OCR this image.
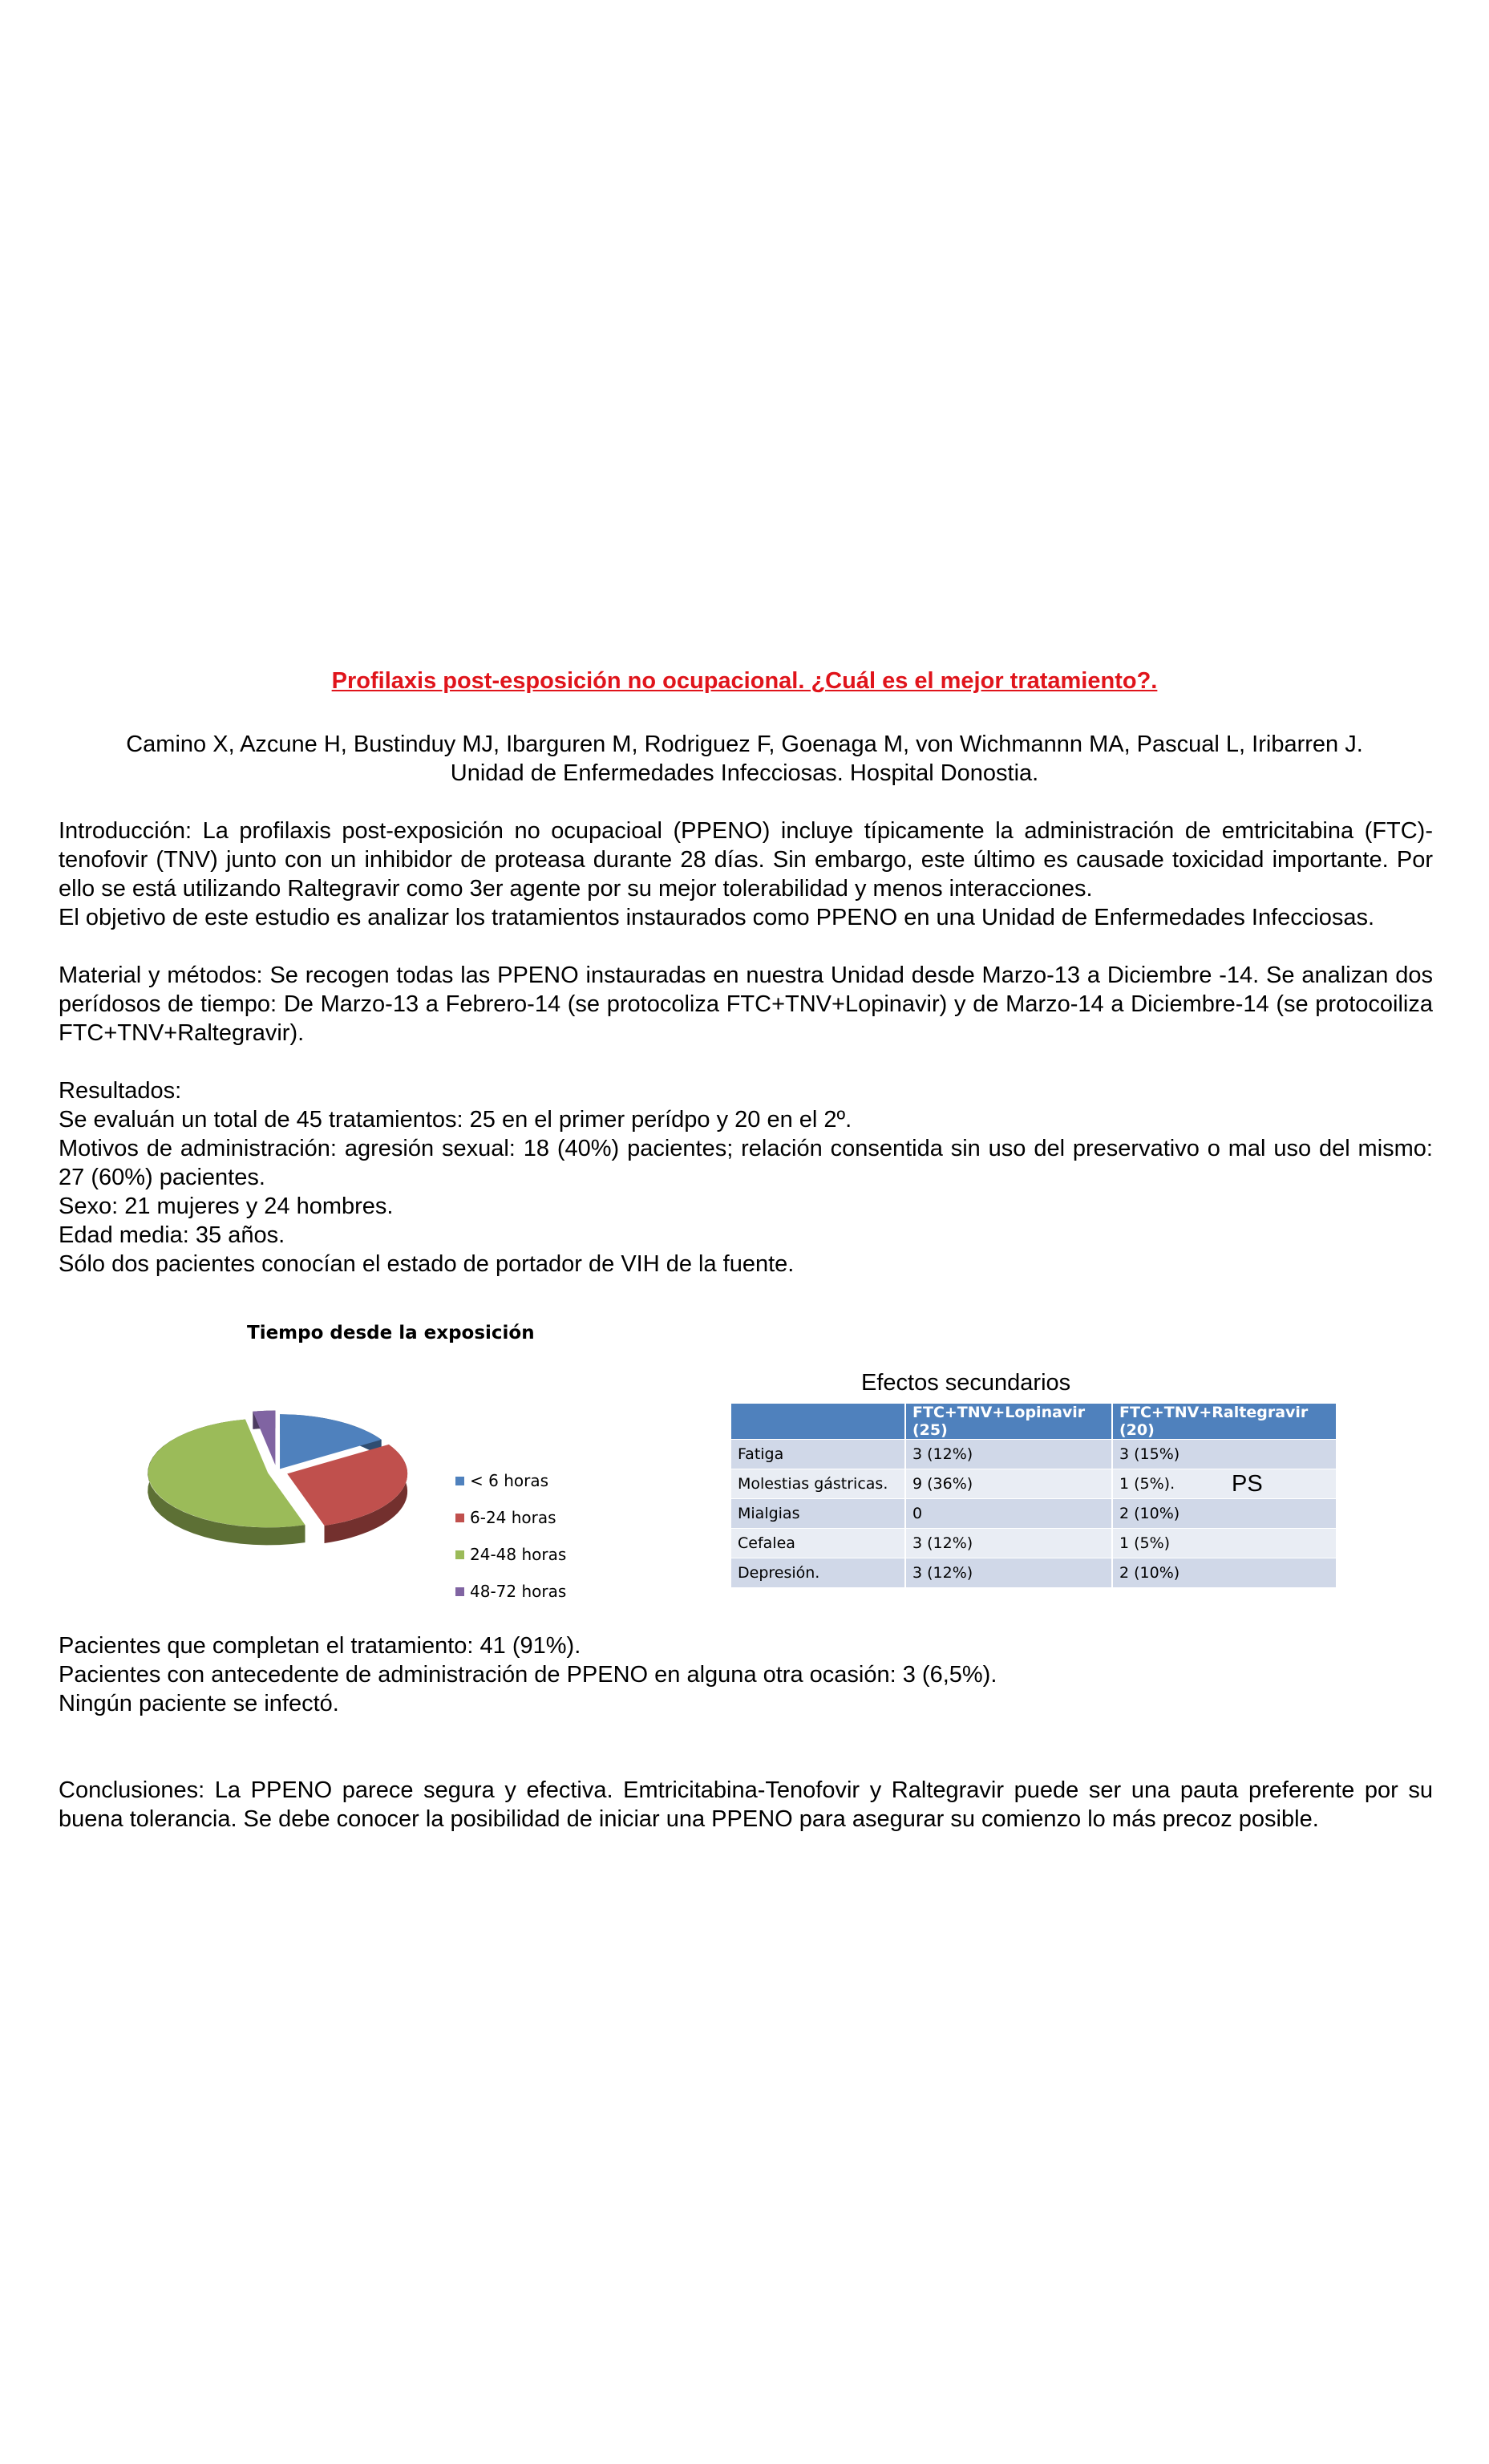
Profilaxis post-esposición no ocupacional. ¿Cuál es el mejor tratamiento?.
Camino X, Azcune H, Bustinduy MJ, Ibarguren M, Rodriguez F, Goenaga M, von Wichmannn MA, Pascual L, Iribarren J.
Unidad de Enfermedades Infecciosas. Hospital Donostia.

Introducción: La profilaxis post-exposición no ocupacioal (PPENO) incluye típicamente la administración de emtricitabina (FTC)-tenofovir (TNV) junto con un inhibidor de proteasa durante 28 días. Sin embargo, este último es causade toxicidad importante. Por ello se está utilizando Raltegravir como 3er agente por su mejor tolerabilidad y menos interacciones.

El objetivo de este estudio es analizar los tratamientos instaurados como PPENO en una Unidad de Enfermedades Infecciosas.

Material y métodos: Se recogen todas las PPENO instauradas en nuestra Unidad desde Marzo-13 a Diciembre -14. Se analizan dos perídosos de tiempo: De Marzo-13 a Febrero-14 (se protocoliza FTC+TNV+Lopinavir) y de Marzo-14 a Diciembre-14 (se protocoiliza FTC+TNV+Raltegravir).

Resultados:

Se evaluán un total de 45 tratamientos: 25 en el primer perídpo y 20 en el 2º.

Motivos de administración: agresión sexual: 18 (40%) pacientes; relación consentida sin uso del preservativo o mal uso del mismo: 27 (60%) pacientes.

Sexo: 21 mujeres y 24 hombres.

Edad media: 35 años.

Sólo dos pacientes conocían el estado de portador de VIH de la fuente.

Tiempo desde la exposición
< 6 horas
6-24 horas
24-48 horas
48-72 horas
Efectos secundarios
	FTC+TNV+Lopinavir (25)	FTC+TNV+Raltegravir (20)
Fatiga	3 (12%)	3 (15%)
Molestias gástricas.	9 (36%)	1 (5%).
Mialgias	0	2 (10%)
Cefalea	3 (12%)	1 (5%)
Depresión.	3 (12%)	2 (10%)
PS

Pacientes que completan el tratamiento: 41 (91%).

Pacientes con antecedente de administración de PPENO en alguna otra ocasión: 3 (6,5%).

Ningún paciente se infectó.

Conclusiones: La PPENO parece segura y efectiva. Emtricitabina-Tenofovir y Raltegravir puede ser una pauta preferente por su buena tolerancia. Se debe conocer la posibilidad de iniciar una PPENO para asegurar su comienzo lo más precoz posible.
